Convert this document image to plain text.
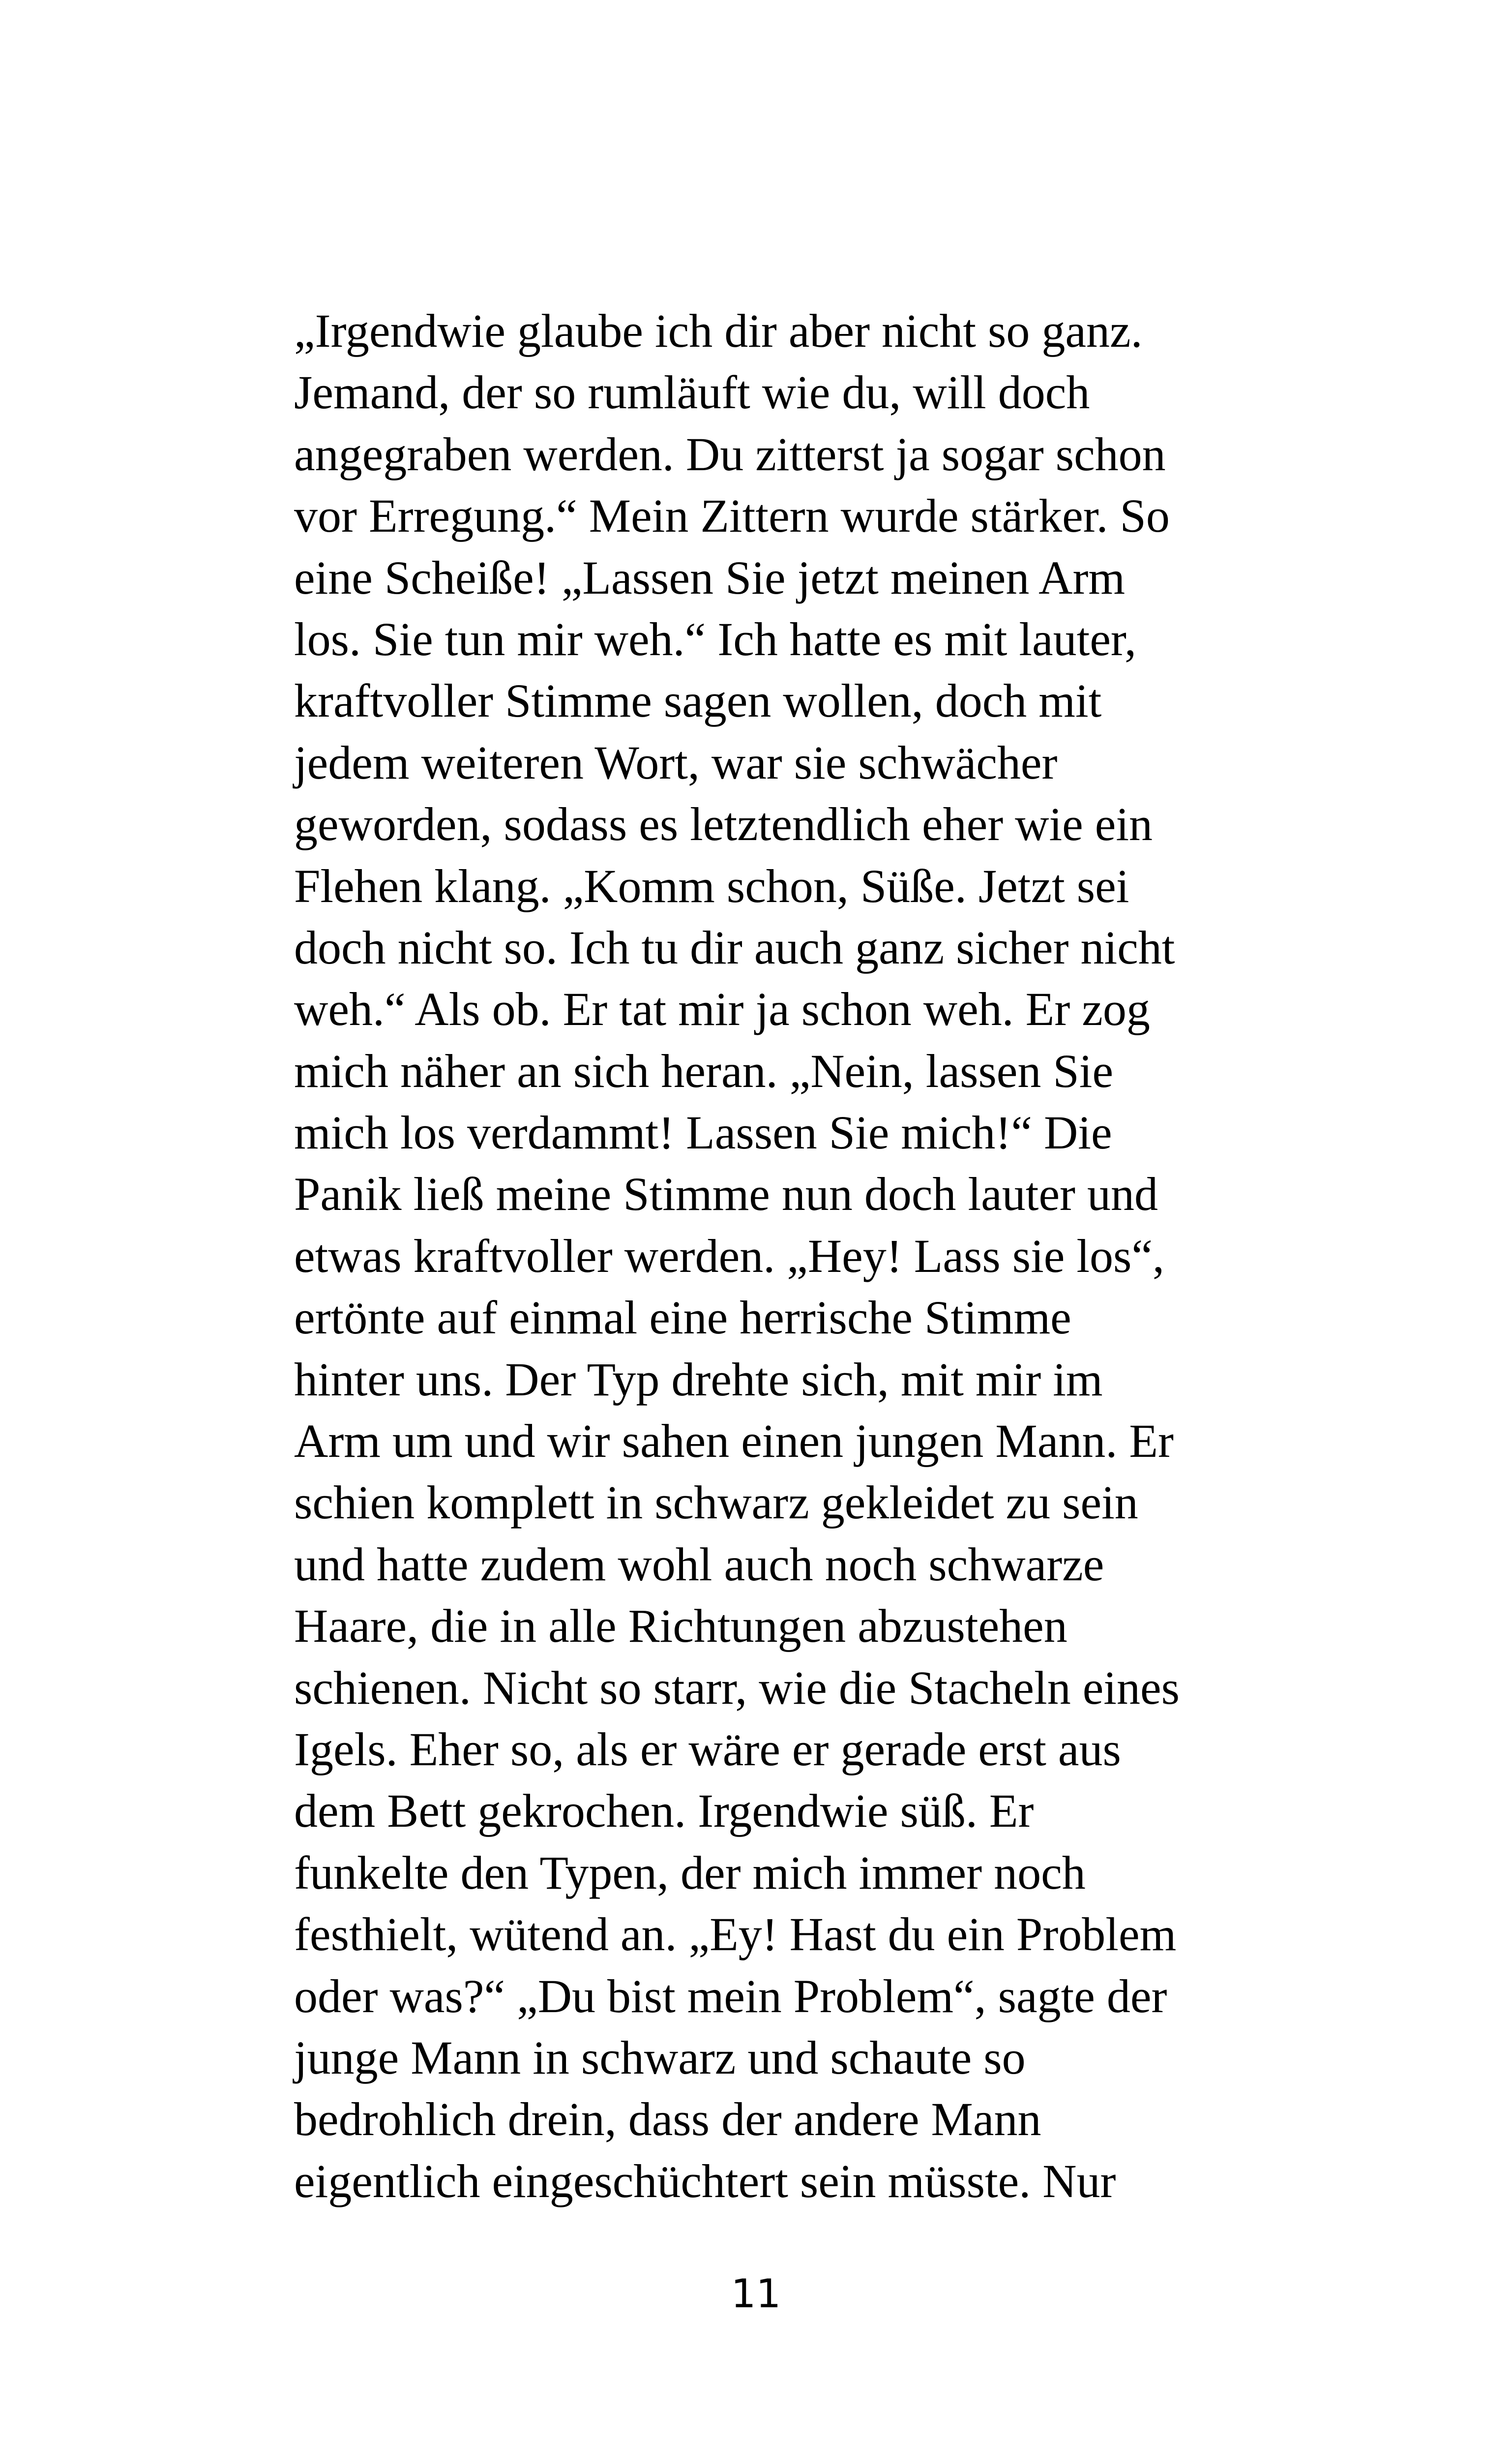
„Irgendwie glaube ich dir aber nicht so ganz.
Jemand, der so rumläuft wie du, will doch
angegraben werden. Du zitterst ja sogar schon
vor Erregung.“ Mein Zittern wurde stärker. So
eine Scheiße! „Lassen Sie jetzt meinen Arm
los. Sie tun mir weh.“ Ich hatte es mit lauter,
kraftvoller Stimme sagen wollen, doch mit
jedem weiteren Wort, war sie schwächer
geworden, sodass es letztendlich eher wie ein
Flehen klang. „Komm schon, Süße. Jetzt sei
doch nicht so. Ich tu dir auch ganz sicher nicht
weh.“ Als ob. Er tat mir ja schon weh. Er zog
mich näher an sich heran. „Nein, lassen Sie
mich los verdammt! Lassen Sie mich!“ Die
Panik ließ meine Stimme nun doch lauter und
etwas kraftvoller werden. „Hey! Lass sie los“,
ertönte auf einmal eine herrische Stimme
hinter uns. Der Typ drehte sich, mit mir im
Arm um und wir sahen einen jungen Mann. Er
schien komplett in schwarz gekleidet zu sein
und hatte zudem wohl auch noch schwarze
Haare, die in alle Richtungen abzustehen
schienen. Nicht so starr, wie die Stacheln eines
Igels. Eher so, als er wäre er gerade erst aus
dem Bett gekrochen. Irgendwie süß. Er
funkelte den Typen, der mich immer noch
festhielt, wütend an. „Ey! Hast du ein Problem
oder was?“ „Du bist mein Problem“, sagte der
junge Mann in schwarz und schaute so
bedrohlich drein, dass der andere Mann
eigentlich eingeschüchtert sein müsste. Nur
11
